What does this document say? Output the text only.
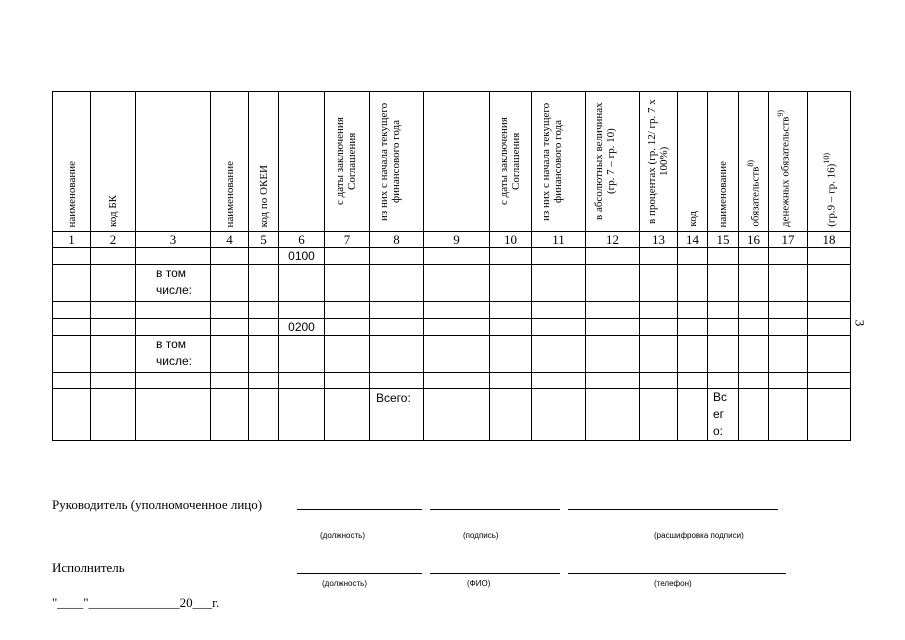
наименование	код БК		наименование	код по ОКЕИ		с даты заключения Соглашения	из них с начала текущего финансового года		с даты заключения Соглашения	из них с начала текущего финансового года	в абсолютных величинах (гр. 7 – гр. 10)	в процентах (гр. 12/ гр. 7 х 100%)	код	наименование	обязательств$^{8)}$	денежных обязательств$^{9)}$	(гр.9 – гр. 16)$^{10)}$

1	2	3	4	5	6	7	8	9	10	11	12	13	14	15	16	17	18
					0100												
		в том числе:															

					0200												
		в том числе:															

							Всего:							Всего:			

3
Руководитель (уполномоченное лицо)
(должность)	(подпись)	(расшифровка подписи)
Исполнитель
(должность)	(ФИО)	(телефон)
"____"______________20___г.
